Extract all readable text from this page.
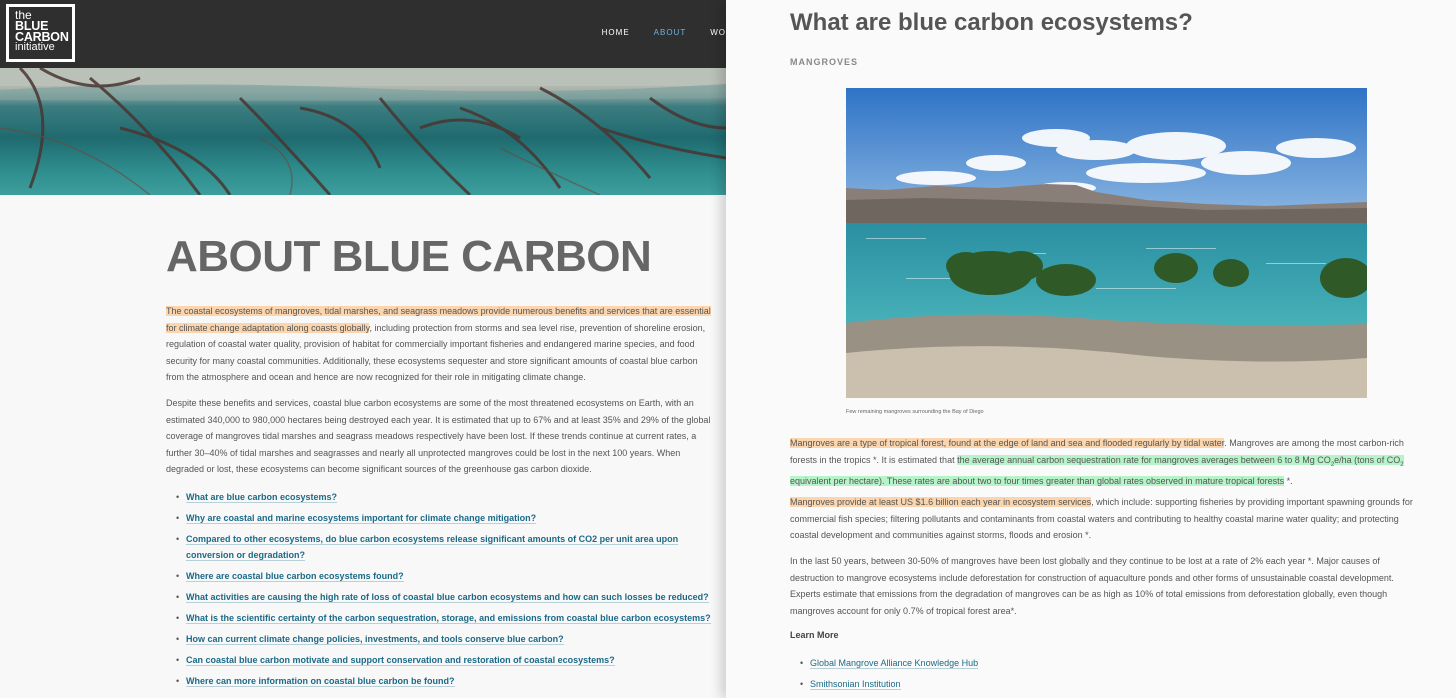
the
BLUE
CARBON
initiative
HOME	ABOUT	WO
ABOUT BLUE CARBON

The coastal ecosystems of mangroves, tidal marshes, and seagrass meadows provide numerous benefits and services that are essential for climate change adaptation along coasts globally, including protection from storms and sea level rise, prevention of shoreline erosion, regulation of coastal water quality, provision of habitat for commercially important fisheries and endangered marine species, and food security for many coastal communities. Additionally, these ecosystems sequester and store significant amounts of coastal blue carbon from the atmosphere and ocean and hence are now recognized for their role in mitigating climate change.

Despite these benefits and services, coastal blue carbon ecosystems are some of the most threatened ecosystems on Earth, with an estimated 340,000 to 980,000 hectares being destroyed each year. It is estimated that up to 67% and at least 35% and 29% of the global coverage of mangroves tidal marshes and seagrass meadows respectively have been lost. If these trends continue at current rates, a further 30–40% of tidal marshes and seagrasses and nearly all unprotected mangroves could be lost in the next 100 years. When degraded or lost, these ecosystems can become significant sources of the greenhouse gas carbon dioxide.

• What are blue carbon ecosystems?
• Why are coastal and marine ecosystems important for climate change mitigation?
• Compared to other ecosystems, do blue carbon ecosystems release significant amounts of CO2 per unit area upon conversion or degradation?
• Where are coastal blue carbon ecosystems found?
• What activities are causing the high rate of loss of coastal blue carbon ecosystems and how can such losses be reduced?
• What is the scientific certainty of the carbon sequestration, storage, and emissions from coastal blue carbon ecosystems?
• How can current climate change policies, investments, and tools conserve blue carbon?
• Can coastal blue carbon motivate and support conservation and restoration of coastal ecosystems?
• Where can more information on coastal blue carbon be found?
What are blue carbon ecosystems?
MANGROVES
Few remaining mangroves surrounding the Bay of Diego

Mangroves are a type of tropical forest, found at the edge of land and sea and flooded regularly by tidal water. Mangroves are among the most carbon-rich forests in the tropics *. It is estimated that the average annual carbon sequestration rate for mangroves averages between 6 to 8 Mg $CO_2e/ha$ (tons of $CO_2$ equivalent per hectare). These rates are about two to four times greater than global rates observed in mature tropical forests *.

Mangroves provide at least US $1.6 billion each year in ecosystem services, which include: supporting fisheries by providing important spawning grounds for commercial fish species; filtering pollutants and contaminants from coastal waters and contributing to healthy coastal marine water quality; and protecting coastal development and communities against storms, floods and erosion *.

In the last 50 years, between 30-50% of mangroves have been lost globally and they continue to be lost at a rate of 2% each year *. Major causes of destruction to mangrove ecosystems include deforestation for construction of aquaculture ponds and other forms of unsustainable coastal development. Experts estimate that emissions from the degradation of mangroves can be as high as 10% of total emissions from deforestation globally, even though mangroves account for only 0.7% of tropical forest area*.

Learn More
• Global Mangrove Alliance Knowledge Hub
• Smithsonian Institution
